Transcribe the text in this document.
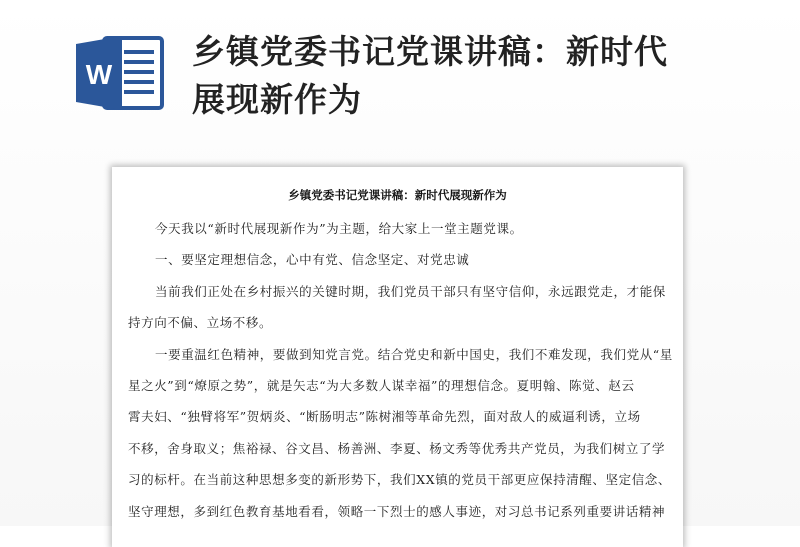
W
乡镇党委书记党课讲稿：新时代
展现新作为
乡镇党委书记党课讲稿：新时代展现新作为
今天我以“新时代展现新作为”为主题，给大家上一堂主题党课。
一、要坚定理想信念，心中有党、信念坚定、对党忠诚
当前我们正处在乡村振兴的关键时期，我们党员干部只有坚守信仰，永远跟党走，才能保
持方向不偏、立场不移。
一要重温红色精神，要做到知党言党。结合党史和新中国史，我们不难发现，我们党从“星
星之火”到“燎原之势”，就是矢志“为大多数人谋幸福”的理想信念。夏明翰、陈觉、赵云
霄夫妇、“独臂将军”贺炳炎、“断肠明志”陈树湘等革命先烈，面对敌人的威逼利诱，立场
不移，舍身取义；焦裕禄、谷文昌、杨善洲、李夏、杨文秀等优秀共产党员，为我们树立了学
习的标杆。在当前这种思想多变的新形势下，我们XX镇的党员干部更应保持清醒、坚定信念、
坚守理想，多到红色教育基地看看，领略一下烈士的感人事迹，对习总书记系列重要讲话精神
